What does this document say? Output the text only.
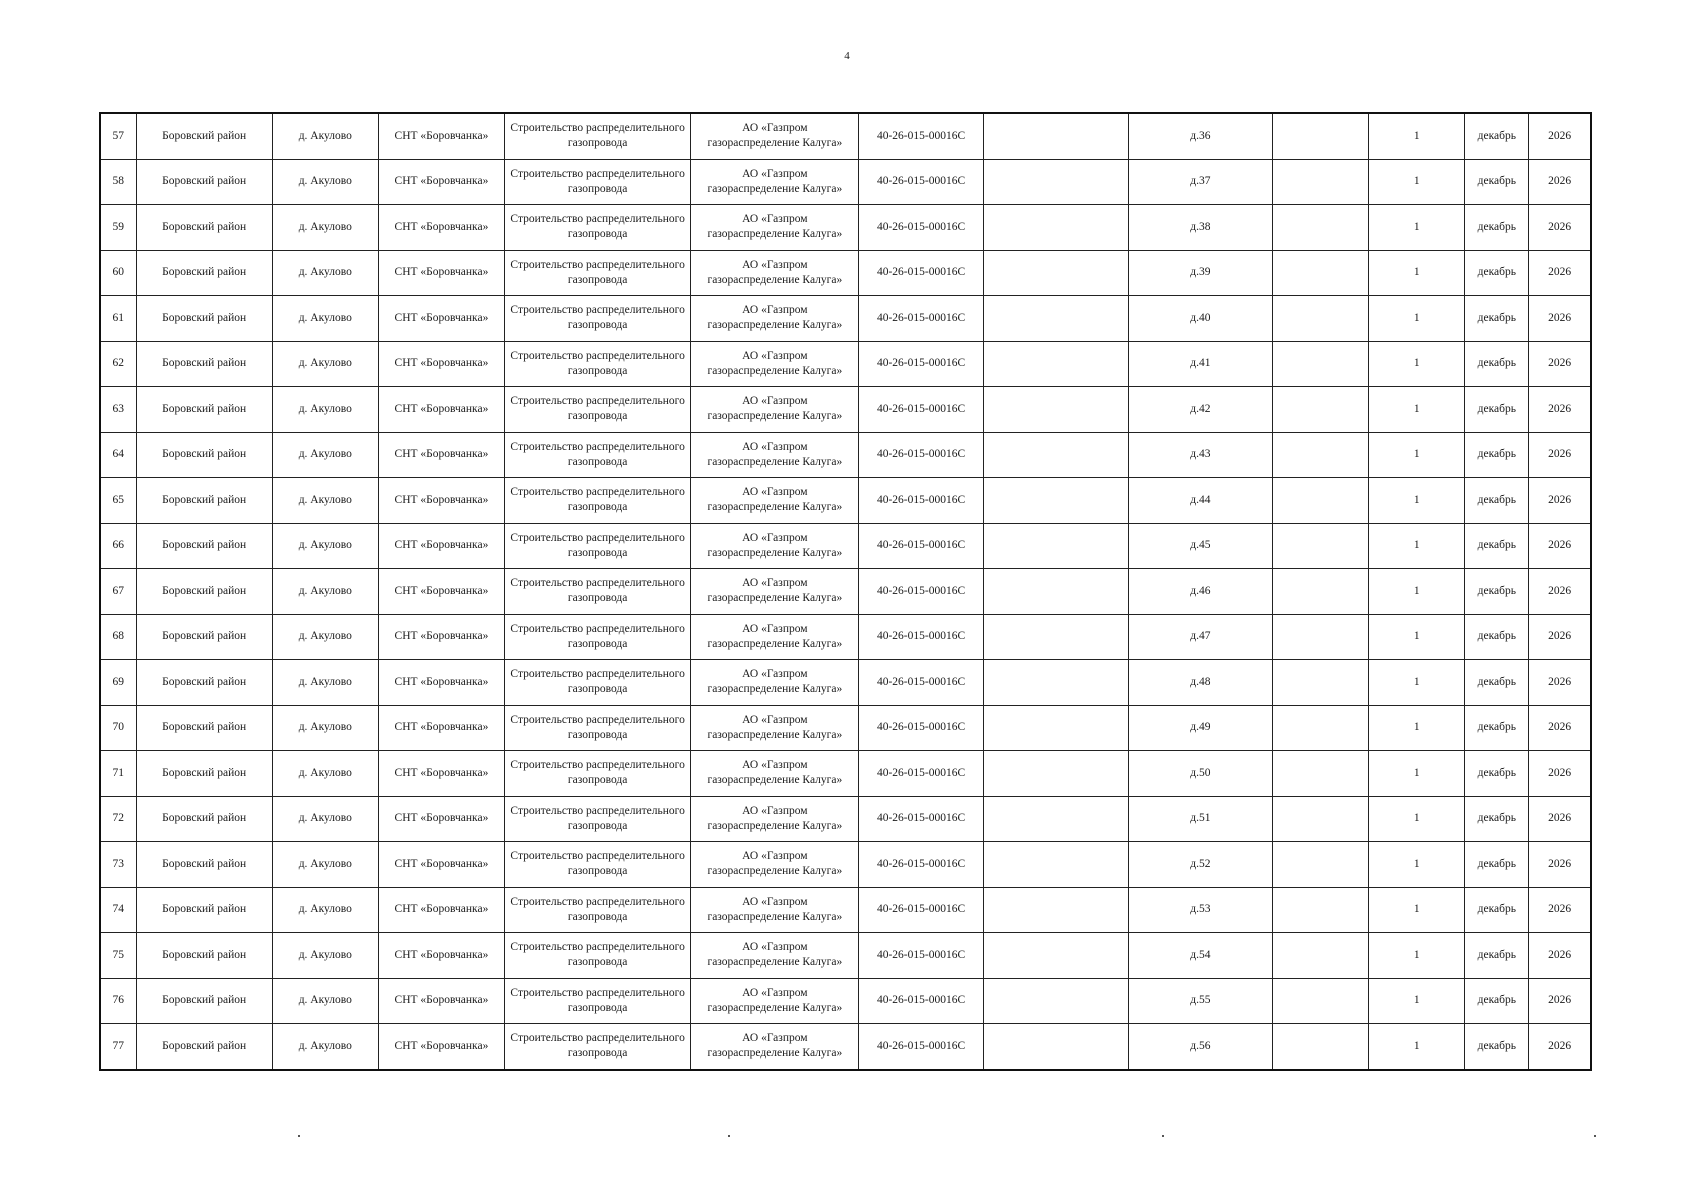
4
57	Боровский район	д. Акулово	СНТ «Боровчанка»	Строительство распределительного
газопровода	АО «Газпром
газораспределение Калуга»	40-26-015-00016С		д.36		1	декабрь	2026
58	Боровский район	д. Акулово	СНТ «Боровчанка»	Строительство распределительного
газопровода	АО «Газпром
газораспределение Калуга»	40-26-015-00016С		д.37		1	декабрь	2026
59	Боровский район	д. Акулово	СНТ «Боровчанка»	Строительство распределительного
газопровода	АО «Газпром
газораспределение Калуга»	40-26-015-00016С		д.38		1	декабрь	2026
60	Боровский район	д. Акулово	СНТ «Боровчанка»	Строительство распределительного
газопровода	АО «Газпром
газораспределение Калуга»	40-26-015-00016С		д.39		1	декабрь	2026
61	Боровский район	д. Акулово	СНТ «Боровчанка»	Строительство распределительного
газопровода	АО «Газпром
газораспределение Калуга»	40-26-015-00016С		д.40		1	декабрь	2026
62	Боровский район	д. Акулово	СНТ «Боровчанка»	Строительство распределительного
газопровода	АО «Газпром
газораспределение Калуга»	40-26-015-00016С		д.41		1	декабрь	2026
63	Боровский район	д. Акулово	СНТ «Боровчанка»	Строительство распределительного
газопровода	АО «Газпром
газораспределение Калуга»	40-26-015-00016С		д.42		1	декабрь	2026
64	Боровский район	д. Акулово	СНТ «Боровчанка»	Строительство распределительного
газопровода	АО «Газпром
газораспределение Калуга»	40-26-015-00016С		д.43		1	декабрь	2026
65	Боровский район	д. Акулово	СНТ «Боровчанка»	Строительство распределительного
газопровода	АО «Газпром
газораспределение Калуга»	40-26-015-00016С		д.44		1	декабрь	2026
66	Боровский район	д. Акулово	СНТ «Боровчанка»	Строительство распределительного
газопровода	АО «Газпром
газораспределение Калуга»	40-26-015-00016С		д.45		1	декабрь	2026
67	Боровский район	д. Акулово	СНТ «Боровчанка»	Строительство распределительного
газопровода	АО «Газпром
газораспределение Калуга»	40-26-015-00016С		д.46		1	декабрь	2026
68	Боровский район	д. Акулово	СНТ «Боровчанка»	Строительство распределительного
газопровода	АО «Газпром
газораспределение Калуга»	40-26-015-00016С		д.47		1	декабрь	2026
69	Боровский район	д. Акулово	СНТ «Боровчанка»	Строительство распределительного
газопровода	АО «Газпром
газораспределение Калуга»	40-26-015-00016С		д.48		1	декабрь	2026
70	Боровский район	д. Акулово	СНТ «Боровчанка»	Строительство распределительного
газопровода	АО «Газпром
газораспределение Калуга»	40-26-015-00016С		д.49		1	декабрь	2026
71	Боровский район	д. Акулово	СНТ «Боровчанка»	Строительство распределительного
газопровода	АО «Газпром
газораспределение Калуга»	40-26-015-00016С		д.50		1	декабрь	2026
72	Боровский район	д. Акулово	СНТ «Боровчанка»	Строительство распределительного
газопровода	АО «Газпром
газораспределение Калуга»	40-26-015-00016С		д.51		1	декабрь	2026
73	Боровский район	д. Акулово	СНТ «Боровчанка»	Строительство распределительного
газопровода	АО «Газпром
газораспределение Калуга»	40-26-015-00016С		д.52		1	декабрь	2026
74	Боровский район	д. Акулово	СНТ «Боровчанка»	Строительство распределительного
газопровода	АО «Газпром
газораспределение Калуга»	40-26-015-00016С		д.53		1	декабрь	2026
75	Боровский район	д. Акулово	СНТ «Боровчанка»	Строительство распределительного
газопровода	АО «Газпром
газораспределение Калуга»	40-26-015-00016С		д.54		1	декабрь	2026
76	Боровский район	д. Акулово	СНТ «Боровчанка»	Строительство распределительного
газопровода	АО «Газпром
газораспределение Калуга»	40-26-015-00016С		д.55		1	декабрь	2026
77	Боровский район	д. Акулово	СНТ «Боровчанка»	Строительство распределительного
газопровода	АО «Газпром
газораспределение Калуга»	40-26-015-00016С		д.56		1	декабрь	2026
